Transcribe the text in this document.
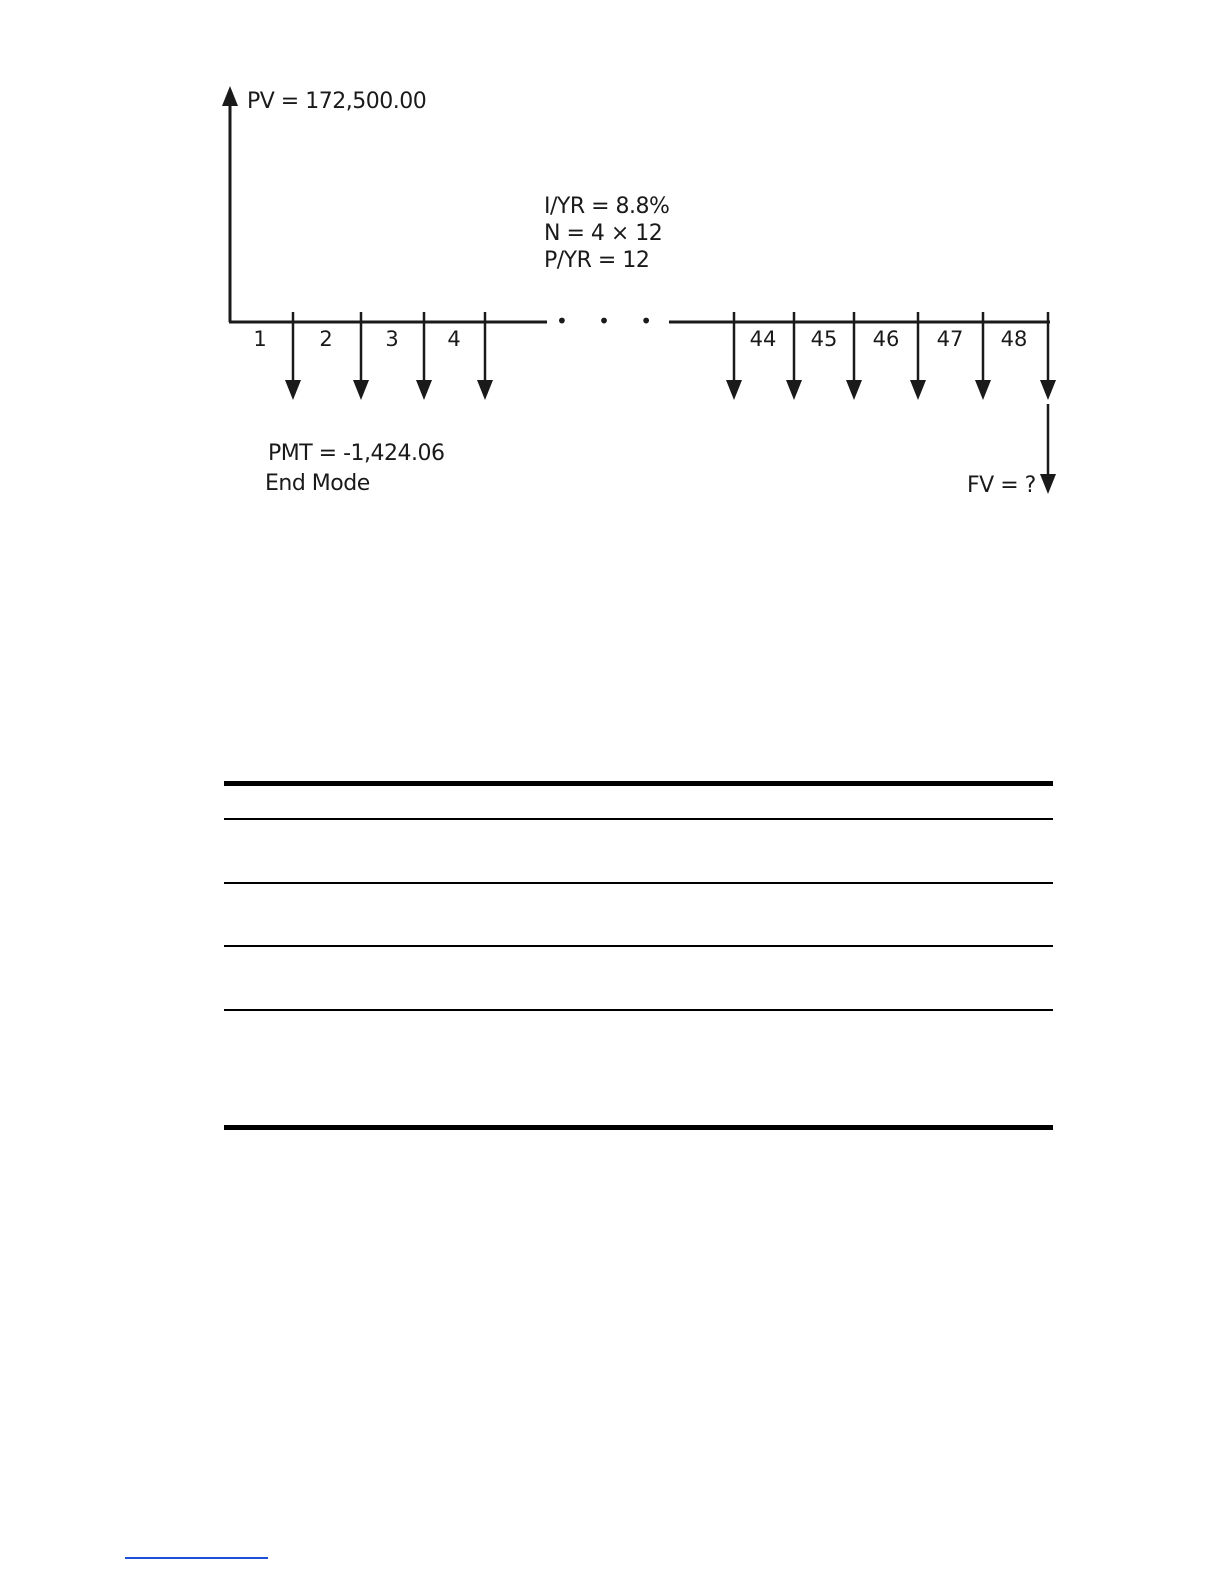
PV = 172,500.00
I/YR = 8.8%
N = 4 × 12
P/YR = 12
• • •
1	2	3 4	44 45 46 47 48
PMT = -1,424.06
End Mode	FV = ?
